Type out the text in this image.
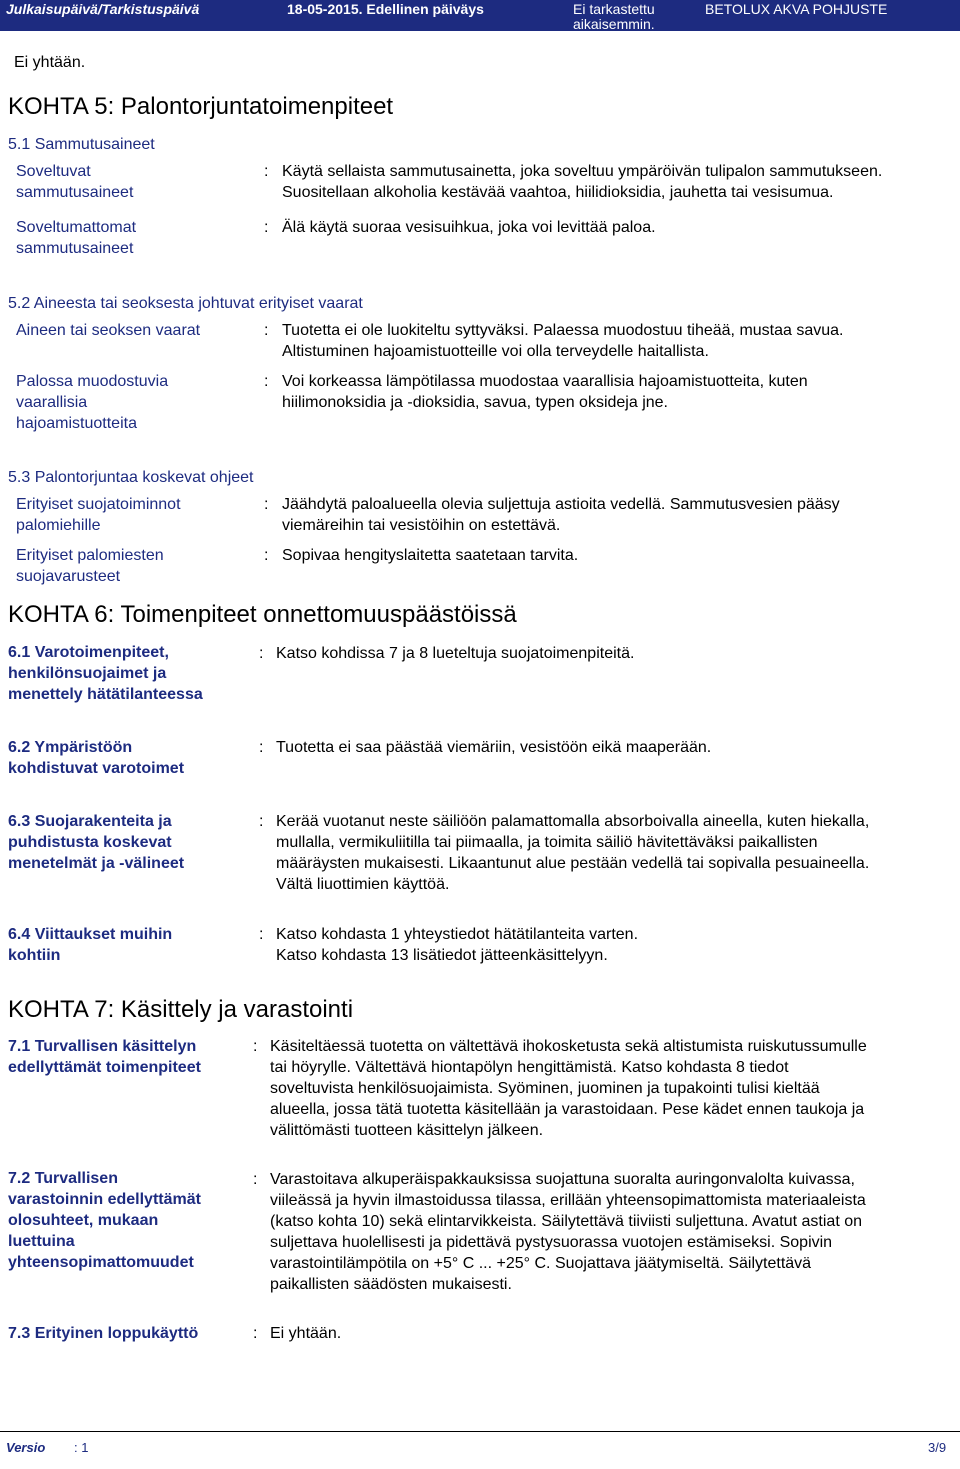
Julkaisupäivä/Tarkistuspäivä	18-05-2015. Edellinen päiväys	Ei tarkastettu
aikaisemmin.
BETOLUX AKVA POHJUSTE
Ei yhtään.
KOHTA 5: Palontorjuntatoimenpiteet
5.1 Sammutusaineet
Soveltuvat
sammutusaineet
: Käytä sellaista sammutusainetta, joka soveltuu ympäröivän tulipalon sammutukseen.
Suositellaan alkoholia kestävää vaahtoa, hiilidioksidia, jauhetta tai vesisumua.
Soveltumattomat
sammutusaineet
: Älä käytä suoraa vesisuihkua, joka voi levittää paloa.
5.2 Aineesta tai seoksesta johtuvat erityiset vaarat
Aineen tai seoksen vaarat	: Tuotetta ei ole luokiteltu syttyväksi. Palaessa muodostuu tiheää, mustaa savua.
Altistuminen hajoamistuotteille voi olla terveydelle haitallista.
Palossa muodostuvia
vaarallisia
hajoamistuotteita
: Voi korkeassa lämpötilassa muodostaa vaarallisia hajoamistuotteita, kuten
hiilimonoksidia ja -dioksidia, savua, typen oksideja jne.
5.3 Palontorjuntaa koskevat ohjeet
Erityiset suojatoiminnot
palomiehille
: Jäähdytä paloalueella olevia suljettuja astioita vedellä. Sammutusvesien pääsy
viemäreihin tai vesistöihin on estettävä.
Erityiset palomiesten
suojavarusteet
: Sopivaa hengityslaitetta saatetaan tarvita.
KOHTA 6: Toimenpiteet onnettomuuspäästöissä
6.1 Varotoimenpiteet,
henkilönsuojaimet ja
menettely hätätilanteessa
: Katso kohdissa 7 ja 8 lueteltuja suojatoimenpiteitä.
6.2 Ympäristöön
kohdistuvat varotoimet
: Tuotetta ei saa päästää viemäriin, vesistöön eikä maaperään.
6.3 Suojarakenteita ja
puhdistusta koskevat
menetelmät ja -välineet
: Kerää vuotanut neste säiliöön palamattomalla absorboivalla aineella, kuten hiekalla,
mullalla, vermikuliitilla tai piimaalla, ja toimita säiliö hävitettäväksi paikallisten
määräysten mukaisesti. Likaantunut alue pestään vedellä tai sopivalla pesuaineella.
Vältä liuottimien käyttöä.
6.4 Viittaukset muihin
kohtiin
: Katso kohdasta 1 yhteystiedot hätätilanteita varten.
Katso kohdasta 13 lisätiedot jätteenkäsittelyyn.
KOHTA 7: Käsittely ja varastointi
7.1 Turvallisen käsittelyn
edellyttämät toimenpiteet
: Käsiteltäessä tuotetta on vältettävä ihokosketusta sekä altistumista ruiskutussumulle
tai höyrylle. Vältettävä hiontapölyn hengittämistä. Katso kohdasta 8 tiedot
soveltuvista henkilösuojaimista. Syöminen, juominen ja tupakointi tulisi kieltää
alueella, jossa tätä tuotetta käsitellään ja varastoidaan. Pese kädet ennen taukoja ja
välittömästi tuotteen käsittelyn jälkeen.
7.2 Turvallisen
varastoinnin edellyttämät
olosuhteet, mukaan
luettuina
yhteensopimattomuudet
: Varastoitava alkuperäispakkauksissa suojattuna suoralta auringonvalolta kuivassa,
viileässä ja hyvin ilmastoidussa tilassa, erillään yhteensopimattomista materiaaleista
(katso kohta 10) sekä elintarvikkeista. Säilytettävä tiiviisti suljettuna. Avatut astiat on
suljettava huolellisesti ja pidettävä pystysuorassa vuotojen estämiseksi. Sopivin
varastointilämpötila on +5° C ... +25° C. Suojattava jäätymiseltä. Säilytettävä
paikallisten säädösten mukaisesti.
7.3 Erityinen loppukäyttö	: Ei yhtään.
Versio : 1	3/9
